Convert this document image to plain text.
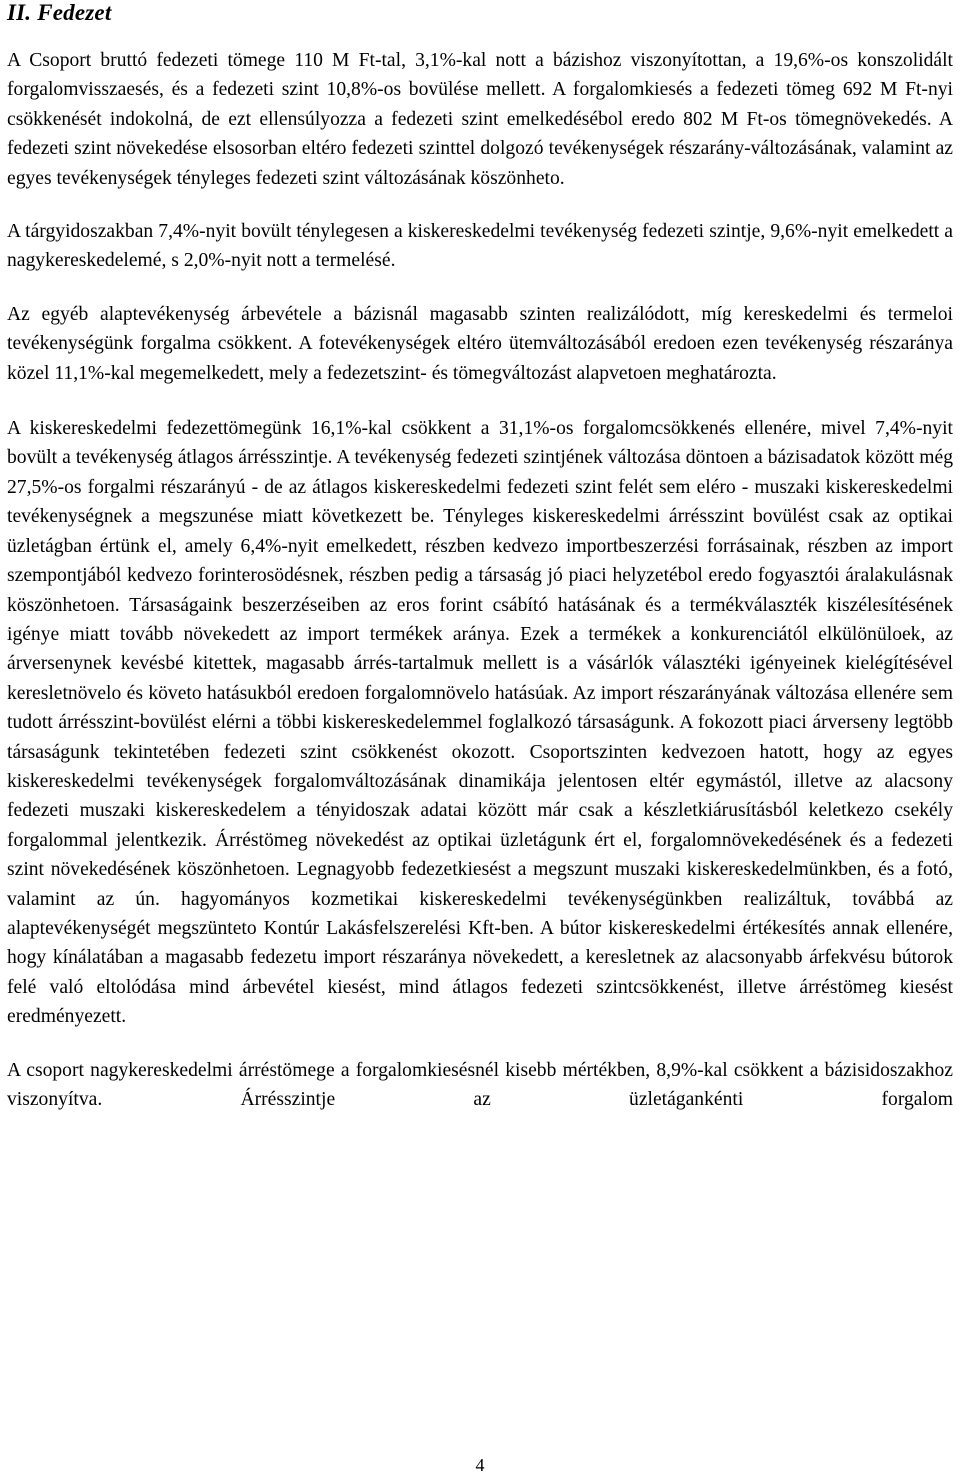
II. Fedezet

A Csoport bruttó fedezeti tömege 110 M Ft-tal, 3,1%-kal nott a bázishoz viszonyítottan, a 19,6%-os konszolidált forgalomvisszaesés, és a fedezeti szint 10,8%-os bovülése mellett. A forgalomkiesés a fedezeti tömeg 692 M Ft-nyi csökkenését indokolná, de ezt ellensúlyozza a fedezeti szint emelkedésébol eredo 802 M Ft-os tömegnövekedés. A fedezeti szint növekedése elsosorban eltéro fedezeti szinttel dolgozó tevékenységek részarány-változásának, valamint az egyes tevékenységek tényleges fedezeti szint változásának köszönheto.

A tárgyidoszakban 7,4%-nyit bovült ténylegesen a kiskereskedelmi tevékenység fedezeti szintje, 9,6%-nyit emelkedett a nagykereskedelemé, s 2,0%-nyit nott a termelésé.

Az egyéb alaptevékenység árbevétele a bázisnál magasabb szinten realizálódott, míg kereskedelmi és termeloi tevékenységünk forgalma csökkent. A fotevékenységek eltéro ütemváltozásából eredoen ezen tevékenység részaránya közel 11,1%-kal megemelkedett, mely a fedezetszint- és tömegváltozást alapvetoen meghatározta.

A kiskereskedelmi fedezettömegünk 16,1%-kal csökkent a 31,1%-os forgalomcsökkenés ellenére, mivel 7,4%-nyit bovült a tevékenység átlagos árrésszintje. A tevékenység fedezeti szintjének változása döntoen a bázisadatok között még 27,5%-os forgalmi részarányú - de az átlagos kiskereskedelmi fedezeti szint felét sem eléro - muszaki kiskereskedelmi tevékenységnek a megszunése miatt következett be. Tényleges kiskereskedelmi árrésszint bovülést csak az optikai üzletágban értünk el, amely 6,4%-nyit emelkedett, részben kedvezo importbeszerzési forrásainak, részben az import szempontjából kedvezo forinterosödésnek, részben pedig a társaság jó piaci helyzetébol eredo fogyasztói áralakulásnak köszönhetoen. Társaságaink beszerzéseiben az eros forint csábító hatásának és a termékválaszték kiszélesítésének igénye miatt tovább növekedett az import termékek aránya. Ezek a termékek a konkurenciától elkülönüloek, az árversenynek kevésbé kitettek, magasabb árrés-tartalmuk mellett is a vásárlók választéki igényeinek kielégítésével keresletnövelo és követo hatásukból eredoen forgalomnövelo hatásúak. Az import részarányának változása ellenére sem tudott árrésszint-bovülést elérni a többi kiskereskedelemmel foglalkozó társaságunk. A fokozott piaci árverseny legtöbb társaságunk tekintetében fedezeti szint csökkenést okozott. Csoportszinten kedvezoen hatott, hogy az egyes kiskereskedelmi tevékenységek forgalomváltozásának dinamikája jelentosen eltér egymástól, illetve az alacsony fedezeti muszaki kiskereskedelem a tényidoszak adatai között már csak a készletkiárusításból keletkezo csekély forgalommal jelentkezik. Árréstömeg növekedést az optikai üzletágunk ért el, forgalomnövekedésének és a fedezeti szint növekedésének köszönhetoen. Legnagyobb fedezetkiesést a megszunt muszaki kiskereskedelmünkben, és a fotó, valamint az ún. hagyományos kozmetikai kiskereskedelmi tevékenységünkben realizáltuk, továbbá az alaptevékenységét megszünteto Kontúr Lakásfelszerelési Kft-ben. A bútor kiskereskedelmi értékesítés annak ellenére, hogy kínálatában a magasabb fedezetu import részaránya növekedett, a keresletnek az alacsonyabb árfekvésu bútorok felé való eltolódása mind árbevétel kiesést, mind átlagos fedezeti szintcsökkenést, illetve árréstömeg kiesést eredményezett.

A csoport nagykereskedelmi árréstömege a forgalomkiesésnél kisebb mértékben, 8,9%-kal csökkent a bázisidoszakhoz viszonyítva. Árrésszintje az üzletágankénti forgalom

4
